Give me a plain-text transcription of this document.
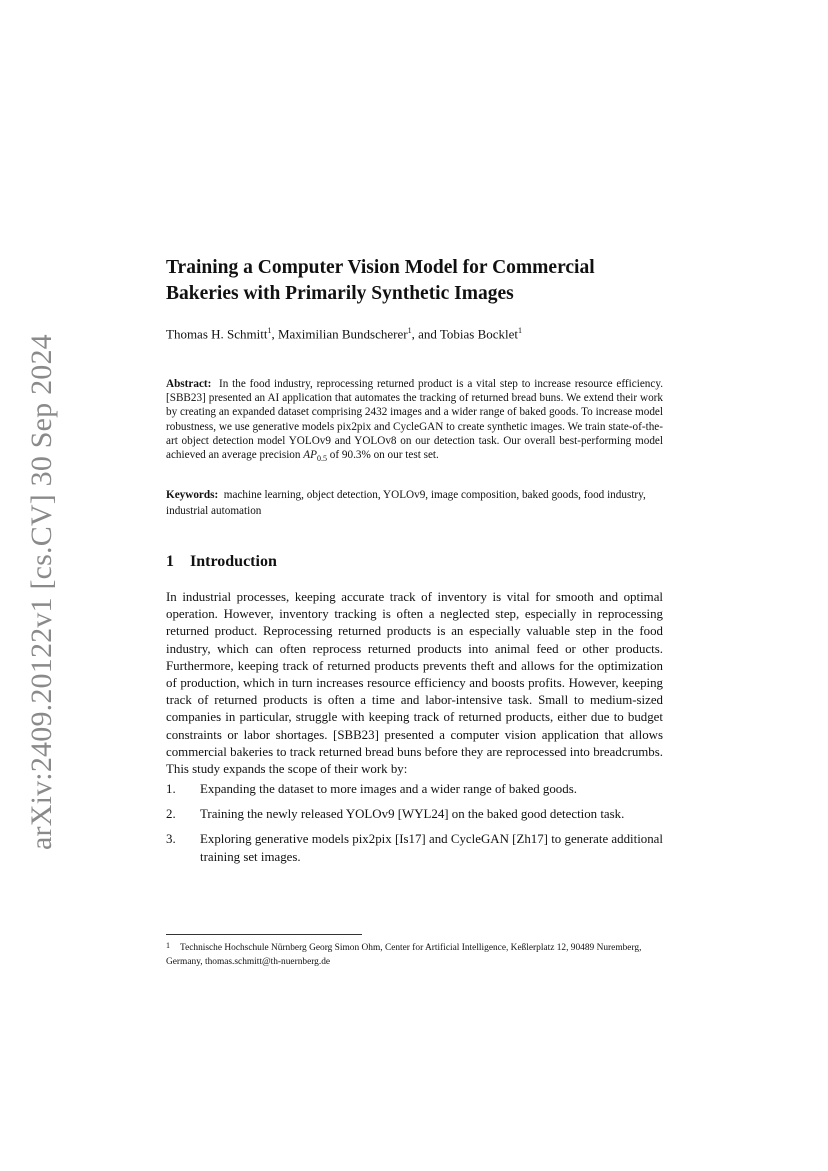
arXiv:2409.20122v1 [cs.CV] 30 Sep 2024
Training a Computer Vision Model for Commercial Bakeries with Primarily Synthetic Images
Thomas H. Schmitt$^1$, Maximilian Bundscherer$^1$, and Tobias Bocklet$^1$

Abstract: In the food industry, reprocessing returned product is a vital step to increase resource efficiency. [SBB23] presented an AI application that automates the tracking of returned bread buns. We extend their work by creating an expanded dataset comprising 2432 images and a wider range of baked goods. To increase model robustness, we use generative models pix2pix and CycleGAN to create synthetic images. We train state-of-the-art object detection model YOLOv9 and YOLOv8 on our detection task. Our overall best-performing model achieved an average precision $AP_{0.5}$ of 90.3% on our test set.

Keywords: machine learning, object detection, YOLOv9, image composition, baked goods, food industry, industrial automation

1 Introduction

In industrial processes, keeping accurate track of inventory is vital for smooth and optimal operation. However, inventory tracking is often a neglected step, especially in reprocessing returned product. Reprocessing returned products is an especially valuable step in the food industry, which can often reprocess returned products into animal feed or other products. Furthermore, keeping track of returned products prevents theft and allows for the optimization of production, which in turn increases resource efficiency and boosts profits. However, keeping track of returned products is often a time and labor-intensive task. Small to medium-sized companies in particular, struggle with keeping track of returned products, either due to budget constraints or labor shortages. [SBB23] presented a computer vision application that allows commercial bakeries to track returned bread buns before they are reprocessed into breadcrumbs. This study expands the scope of their work by:

1. Expanding the dataset to more images and a wider range of baked goods.
2. Training the newly released YOLOv9 [WYL24] on the baked good detection task.
3. Exploring generative models pix2pix [Is17] and CycleGAN [Zh17] to generate additional training set images.

1 Technische Hochschule Nürnberg Georg Simon Ohm, Center for Artificial Intelligence, Keßlerplatz 12, 90489 Nuremberg, Germany, thomas.schmitt@th-nuernberg.de
